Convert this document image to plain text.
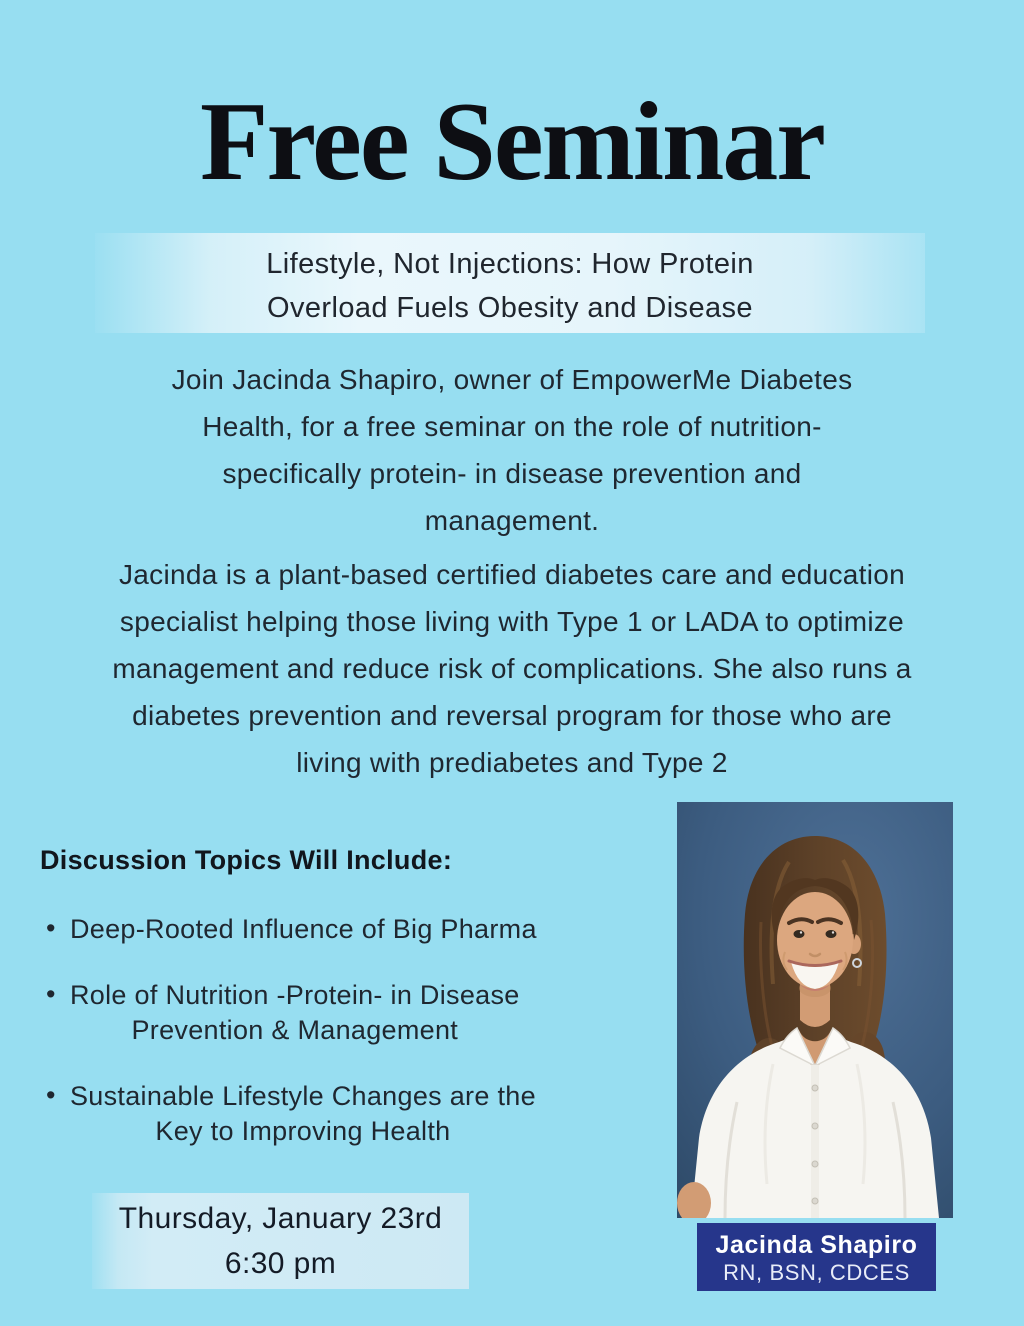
Free Seminar
Lifestyle, Not Injections: How Protein
Overload Fuels Obesity and Disease

Join Jacinda Shapiro, owner of EmpowerMe Diabetes
Health, for a free seminar on the role of nutrition-
specifically protein- in disease prevention and
management.

Jacinda is a plant-based certified diabetes care and education
specialist helping those living with Type 1 or LADA to optimize
management and reduce risk of complications. She also runs a
diabetes prevention and reversal program for those who are
living with prediabetes and Type 2

Discussion Topics Will Include:
• Deep-Rooted Influence of Big Pharma
• Role of Nutrition -Protein- in Disease
Prevention & Management
• Sustainable Lifestyle Changes are the
Key to Improving Health
Thursday, January 23rd
6:30 pm
Jacinda Shapiro
RN, BSN, CDCES
